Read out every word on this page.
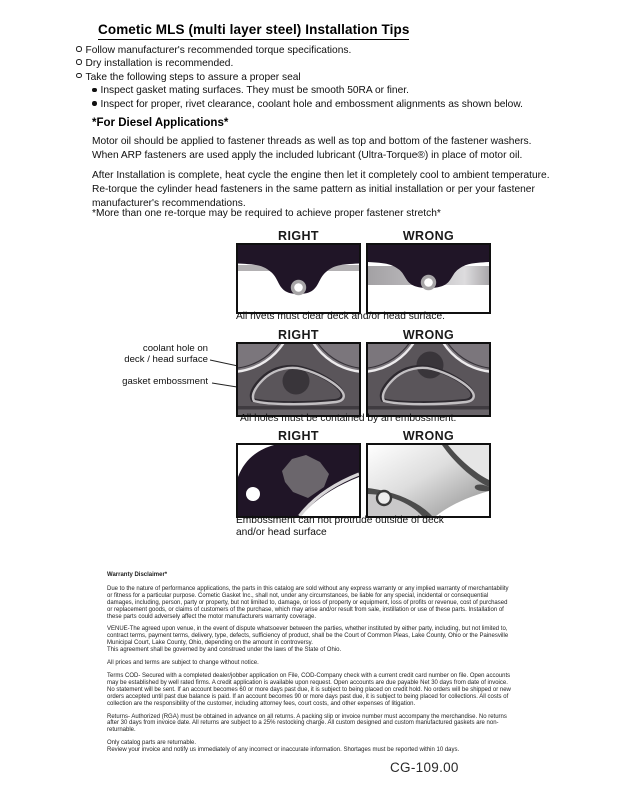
Cometic MLS (multi layer steel) Installation Tips
Follow manufacturer's recommended torque specifications.
Dry installation is recommended.
Take the following steps to assure a proper seal
Inspect gasket mating surfaces. They must be smooth 50RA or finer.
Inspect for proper, rivet clearance, coolant hole and embossment alignments as shown below.
*For Diesel Applications*
Motor oil should be applied to fastener threads as well as top and bottom of the fastener washers. When ARP fasteners are used apply the included lubricant (Ultra-Torque®) in place of motor oil.
After Installation is complete, heat cycle the engine then let it completely cool to ambient temperature. Re-torque the cylinder head fasteners in the same pattern as initial installation or per your fastener manufacturer's recommendations.
*More than one re-torque may be required to achieve proper fastener stretch*
RIGHT	WRONG
All rivets must clear deck and/or head surface.
RIGHT	WRONG
coolant hole on
deck / head surface
gasket embossment
All holes must be contained by an embossment.
RIGHT	WRONG
Embossment can not protrude outside of deck
and/or head surface

Warranty Disclaimer*

Due to the nature of performance applications, the parts in this catalog are sold without any express warranty or any implied warranty of merchantability or fitness for a particular purpose. Cometic Gasket Inc., shall not, under any circumstances, be liable for any special, incidental or consequential damages, including, person, party or property, but not limited to, damage, or loss of property or equipment, loss of profits or revenue, cost of purchased or replacement goods, or claims of customers of the purchase, which may arise and/or result from sale, instillation or use of these parts. Installation of these parts could adversely affect the motor manufacturers warranty coverage.

VENUE-The agreed upon venue, in the event of dispute whatsoever between the parties, whether instituted by either party, including, but not limited to, contract terms, payment terms, delivery, type, defects, sufficiency of product, shall be the Court of Common Pleas, Lake County, Ohio or the Painesville Municipal Court, Lake County, Ohio, depending on the amount in controversy.

This agreement shall be governed by and construed under the laws of the State of Ohio.

All prices and terms are subject to change without notice.

Terms COD- Secured with a completed dealer/jobber application on File, COD-Company check with a current credit card number on file. Open accounts may be established by well rated firms. A credit application is available upon request. Open accounts are due payable Net 30 days from date of invoice. No statement will be sent. If an account becomes 60 or more days past due, it is subject to being placed on credit hold. No orders will be shipped or new orders accepted until past due balance is paid. If an account becomes 90 or more days past due, it is subject to being placed for collections. All costs of collection are the responsibility of the customer, including attorney fees, court costs, and other expenses of litigation.

Returns- Authorized (RGA) must be obtained in advance on all returns. A packing slip or invoice number must accompany the merchandise. No returns after 30 days from invoice date. All returns are subject to a 25% restocking charge. All custom designed and custom manufactured gaskets are non-returnable.

Only catalog parts are returnable.

Review your invoice and notify us immediately of any incorrect or inaccurate information. Shortages must be reported within 10 days.

CG-109.00
